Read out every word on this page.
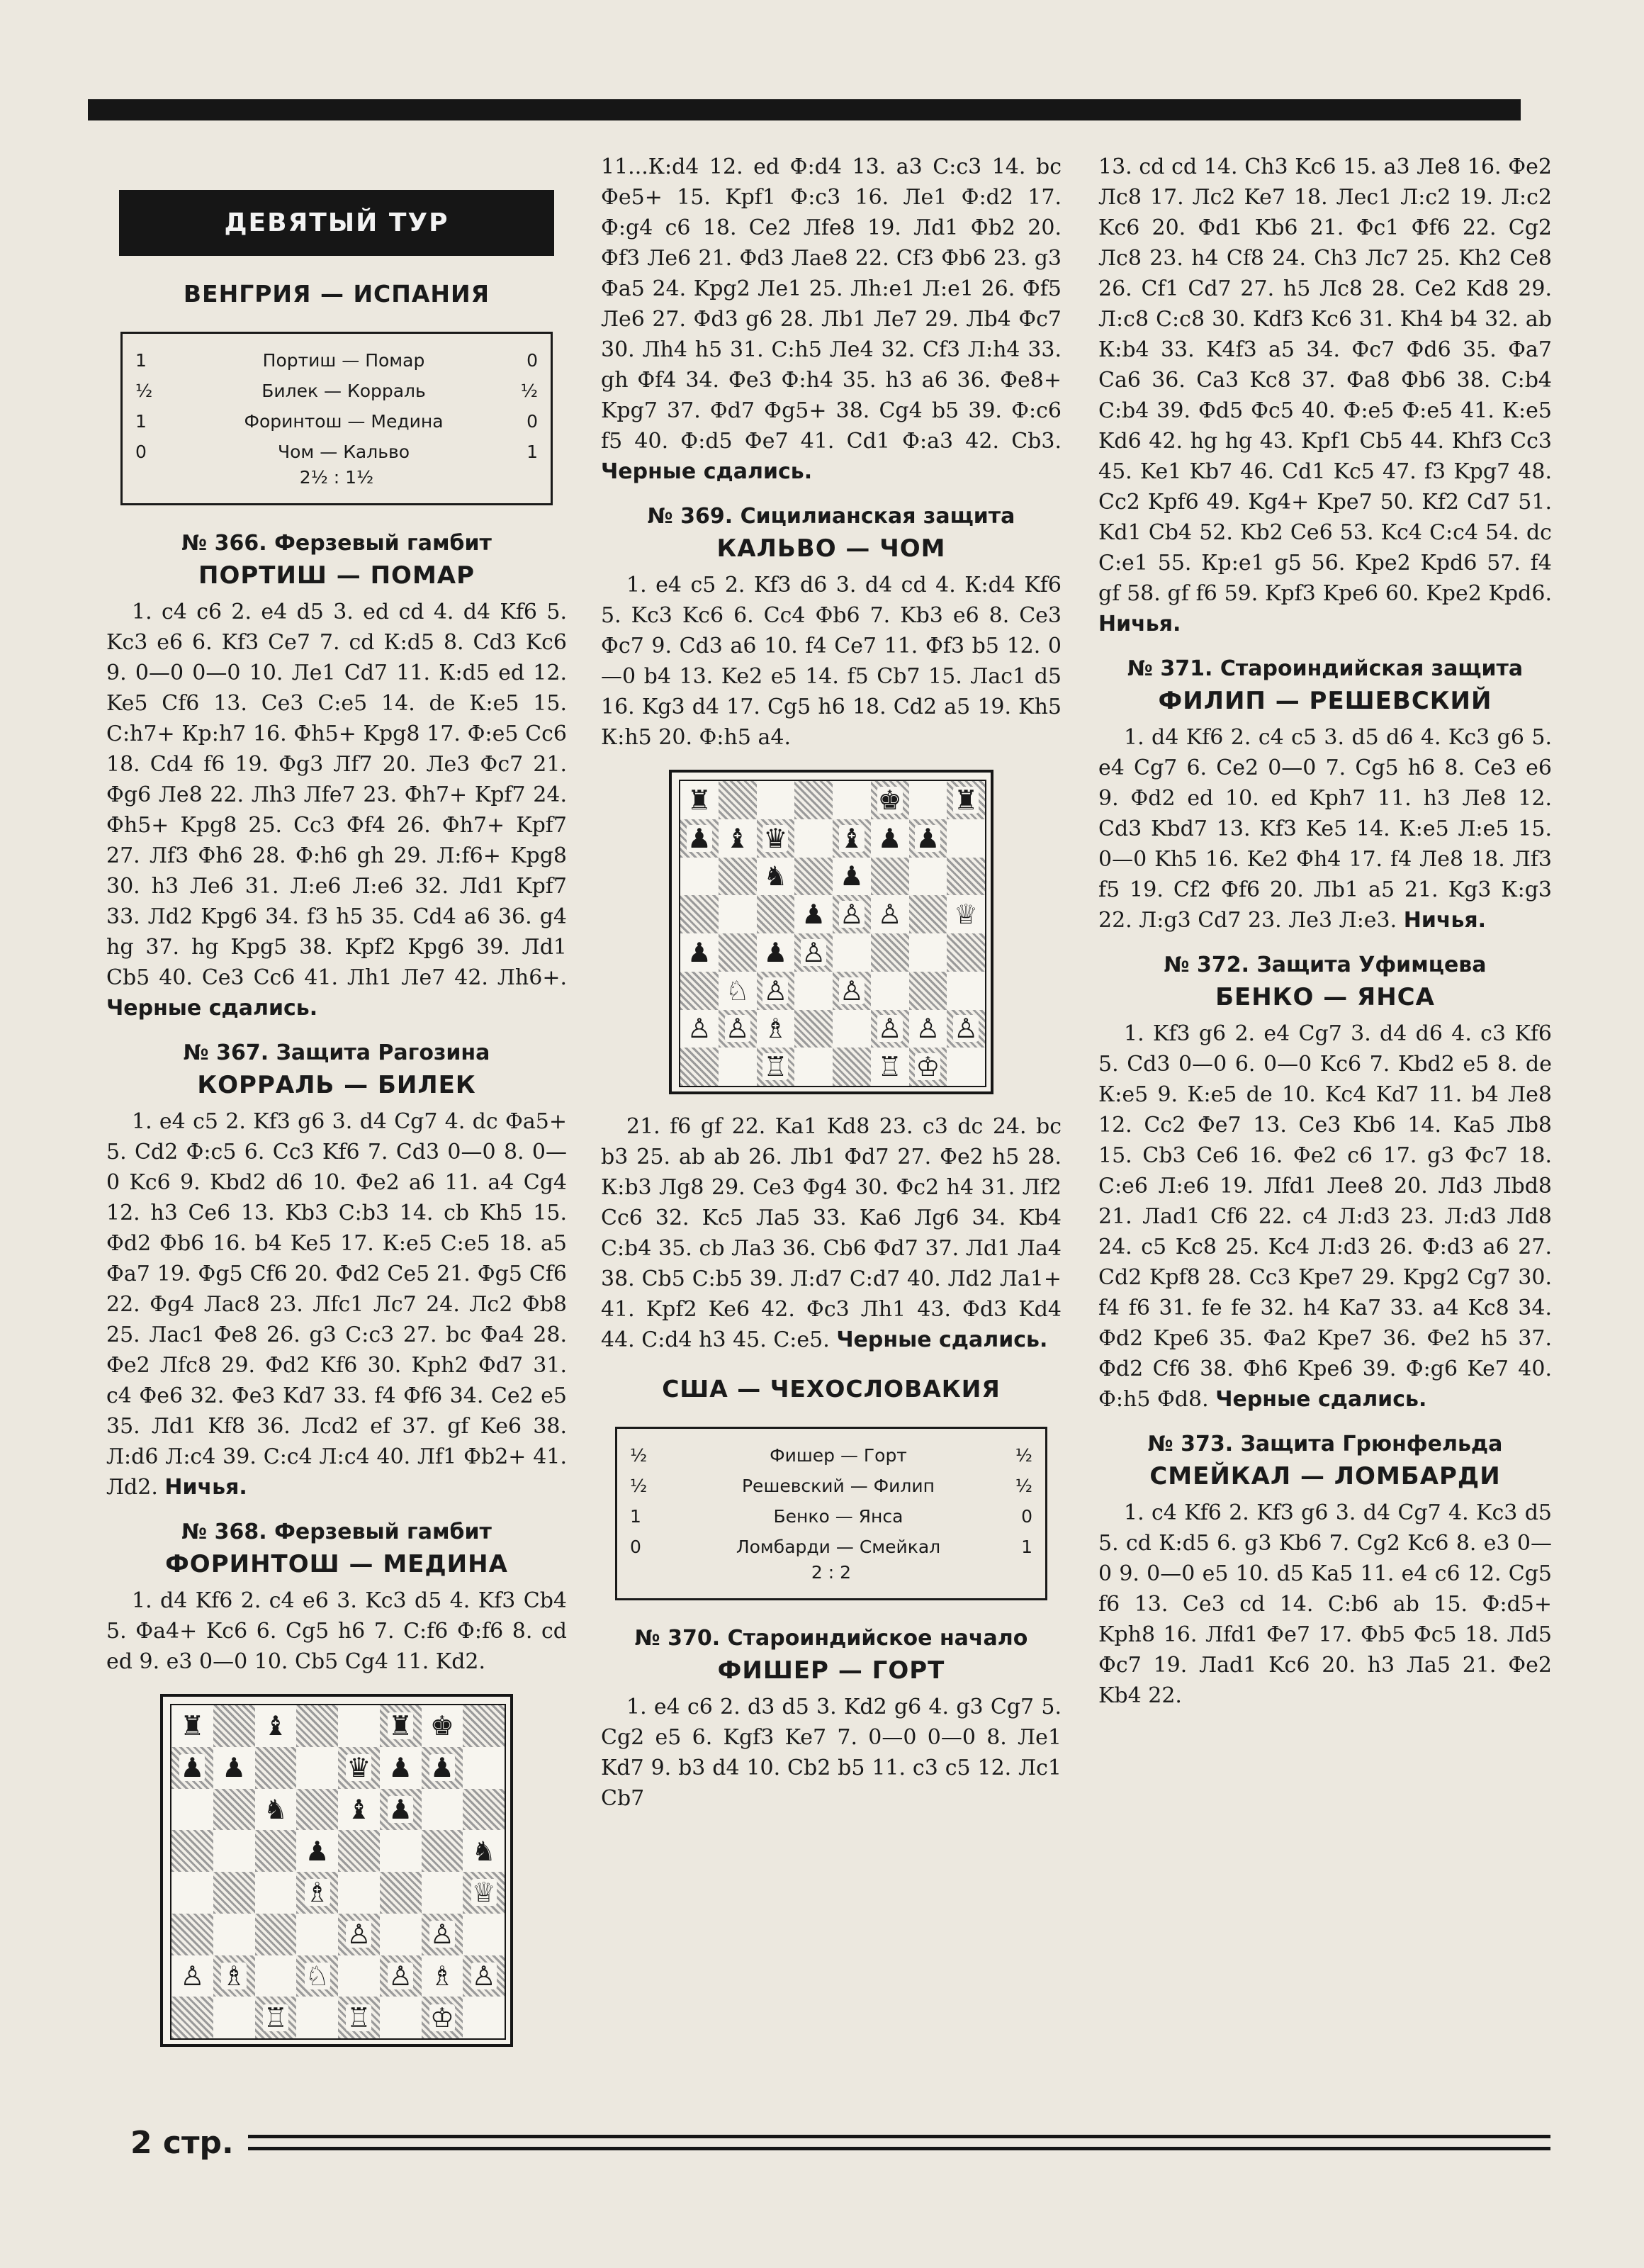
ДЕВЯТЫЙ ТУР
ВЕНГРИЯ — ИСПАНИЯ
1	Портиш — Помар	0
½	Билек — Корраль	½
1	Форинтош — Медина	0
0	Чом — Кальво	1
2½ : 1½
№ 366. Ферзевый гамбит
ПОРТИШ — ПОМАР

1. c4 c6 2. e4 d5 3. ed cd 4. d4 Kf6 5. Kc3 e6 6. Kf3 Ce7 7. cd К:d5 8. Cd3 Kc6 9. 0—0 0—0 10. Ле1 Cd7 11. К:d5 ed 12. Ke5 Cf6 13. Ce3 C:e5 14. de К:e5 15. С:h7+ Кр:h7 16. Фh5+ Kpg8 17. Ф:e5 Cc6 18. Cd4 f6 19. Фg3 Лf7 20. Лe3 Фc7 21. Фg6 Лe8 22. Лh3 Лfe7 23. Фh7+ Kpf7 24. Фh5+ Kpg8 25. Cc3 Фf4 26. Фh7+ Kpf7 27. Лf3 Фh6 28. Ф:h6 gh 29. Л:f6+ Kpg8 30. h3 Лe6 31. Л:e6 Л:e6 32. Лd1 Kpf7 33. Лd2 Kpg6 34. f3 h5 35. Cd4 a6 36. g4 hg 37. hg Kpg5 38. Kpf2 Kpg6 39. Лd1 Cb5 40. Ce3 Cc6 41. Лh1 Лe7 42. Лh6+. Черные сдались.

№ 367. Защита Рагозина
КОРРАЛЬ — БИЛЕК

1. e4 c5 2. Kf3 g6 3. d4 Cg7 4. dc Фa5+ 5. Cd2 Ф:c5 6. Cc3 Kf6 7. Cd3 0—0 8. 0—0 Kc6 9. Kbd2 d6 10. Фe2 a6 11. a4 Cg4 12. h3 Ce6 13. Kb3 С:b3 14. cb Kh5 15. Фd2 Фb6 16. b4 Ke5 17. К:e5 С:e5 18. a5 Фa7 19. Фg5 Cf6 20. Фd2 Ce5 21. Фg5 Cf6 22. Фg4 Лac8 23. Лfc1 Лc7 24. Лc2 Фb8 25. Лac1 Фe8 26. g3 С:c3 27. bc Фa4 28. Фe2 Лfc8 29. Фd2 Kf6 30. Kph2 Фd7 31. c4 Фe6 32. Фe3 Kd7 33. f4 Фf6 34. Ce2 e5 35. Лd1 Kf8 36. Лcd2 ef 37. gf Ke6 38. Л:d6 Л:c4 39. С:c4 Л:c4 40. Лf1 Фb2+ 41. Лd2. Ничья.

№ 368. Ферзевый гамбит
ФОРИНТОШ — МЕДИНА

1. d4 Kf6 2. c4 e6 3. Kc3 d5 4. Kf3 Cb4 5. Фa4+ Kc6 6. Cg5 h6 7. С:f6 Ф:f6 8. cd ed 9. e3 0—0 10. Cb5 Cg4 11. Kd2.

♜ ♝	♜ ♚
♟ ♟	♛ ♟ ♟
♞ ♝ ♟
♟	♞
♗	♕
♙ ♙
♙ ♗ ♘ ♙ ♗ ♙
♖ ♖ ♔

11...К:d4 12. ed Ф:d4 13. a3 С:c3 14. bc Фe5+ 15. Kpf1 Ф:c3 16. Лe1 Ф:d2 17. Ф:g4 c6 18. Ce2 Лfe8 19. Лd1 Фb2 20. Фf3 Лe6 21. Фd3 Лae8 22. Cf3 Фb6 23. g3 Фa5 24. Kpg2 Лe1 25. Лh:e1 Л:e1 26. Фf5 Лe6 27. Фd3 g6 28. Лb1 Лe7 29. Лb4 Фc7 30. Лh4 h5 31. С:h5 Лe4 32. Cf3 Л:h4 33. gh Фf4 34. Фe3 Ф:h4 35. h3 a6 36. Фe8+ Kpg7 37. Фd7 Фg5+ 38. Cg4 b5 39. Ф:c6 f5 40. Ф:d5 Фe7 41. Cd1 Ф:a3 42. Cb3. Черные сдались.

№ 369. Сицилианская защита
КАЛЬВО — ЧОМ

1. e4 c5 2. Kf3 d6 3. d4 cd 4. К:d4 Kf6 5. Kc3 Kc6 6. Cc4 Фb6 7. Kb3 e6 8. Ce3 Фc7 9. Cd3 a6 10. f4 Ce7 11. Фf3 b5 12. 0—0 b4 13. Ke2 e5 14. f5 Cb7 15. Лac1 d5 16. Kg3 d4 17. Cg5 h6 18. Cd2 a5 19. Kh5 К:h5 20. Ф:h5 a4.

♜	♚ ♜
♟ ♝ ♛ ♝ ♟ ♟
♞ ♟
♟ ♙ ♙ ♕
♟ ♟ ♙
♘ ♙ ♙
♙ ♙ ♗	♙ ♙ ♙
♖	♖ ♔

21. f6 gf 22. Ka1 Kd8 23. c3 dc 24. bc b3 25. ab ab 26. Лb1 Фd7 27. Фe2 h5 28. К:b3 Лg8 29. Ce3 Фg4 30. Фc2 h4 31. Лf2 Cc6 32. Kc5 Лa5 33. Ka6 Лg6 34. Kb4 С:b4 35. cb Лa3 36. Cb6 Фd7 37. Лd1 Лa4 38. Cb5 С:b5 39. Л:d7 С:d7 40. Лd2 Лa1+ 41. Kpf2 Ke6 42. Фc3 Лh1 43. Фd3 Kd4 44. С:d4 h3 45. С:e5. Черные сдались.

США — ЧЕХОСЛОВАКИЯ
½	Фишер — Горт	½
½	Решевский — Филип	½
1	Бенко — Янса	0
0	Ломбарди — Смейкал	1
2 : 2
№ 370. Староиндийское начало
ФИШЕР — ГОРТ

1. e4 c6 2. d3 d5 3. Kd2 g6 4. g3 Cg7 5. Cg2 e5 6. Kgf3 Ke7 7. 0—0 0—0 8. Лe1 Kd7 9. b3 d4 10. Cb2 b5 11. c3 c5 12. Лc1 Cb7

13. cd cd 14. Ch3 Kc6 15. a3 Лe8 16. Фe2 Лc8 17. Лc2 Ke7 18. Лec1 Л:c2 19. Л:c2 Kc6 20. Фd1 Kb6 21. Фc1 Фf6 22. Cg2 Лc8 23. h4 Cf8 24. Ch3 Лc7 25. Kh2 Ce8 26. Cf1 Cd7 27. h5 Лc8 28. Ce2 Kd8 29. Л:c8 С:c8 30. Kdf3 Kc6 31. Kh4 b4 32. ab К:b4 33. K4f3 a5 34. Фc7 Фd6 35. Фa7 Ca6 36. Ca3 Kc8 37. Фa8 Фb6 38. С:b4 С:b4 39. Фd5 Фc5 40. Ф:e5 Ф:e5 41. К:e5 Kd6 42. hg hg 43. Kpf1 Cb5 44. Khf3 Cc3 45. Ke1 Kb7 46. Cd1 Kc5 47. f3 Kpg7 48. Cc2 Kpf6 49. Kg4+ Kpe7 50. Kf2 Cd7 51. Kd1 Cb4 52. Kb2 Ce6 53. Kc4 С:c4 54. dc С:e1 55. Кр:e1 g5 56. Kpe2 Kpd6 57. f4 gf 58. gf f6 59. Kpf3 Kpe6 60. Kpe2 Kpd6. Ничья.

№ 371. Староиндийская защита
ФИЛИП — РЕШЕВСКИЙ

1. d4 Kf6 2. c4 c5 3. d5 d6 4. Kc3 g6 5. e4 Cg7 6. Ce2 0—0 7. Cg5 h6 8. Ce3 e6 9. Фd2 ed 10. ed Kph7 11. h3 Лe8 12. Cd3 Kbd7 13. Kf3 Ke5 14. К:e5 Л:e5 15. 0—0 Kh5 16. Ke2 Фh4 17. f4 Лe8 18. Лf3 f5 19. Cf2 Фf6 20. Лb1 a5 21. Kg3 К:g3 22. Л:g3 Cd7 23. Лe3 Л:e3. Ничья.

№ 372. Защита Уфимцева
БЕНКО — ЯНСА

1. Kf3 g6 2. e4 Cg7 3. d4 d6 4. c3 Kf6 5. Cd3 0—0 6. 0—0 Kc6 7. Kbd2 e5 8. de К:e5 9. К:e5 de 10. Kc4 Kd7 11. b4 Лe8 12. Cc2 Фe7 13. Ce3 Kb6 14. Ka5 Лb8 15. Cb3 Ce6 16. Фe2 c6 17. g3 Фc7 18. С:e6 Л:e6 19. Лfd1 Лee8 20. Лd3 Лbd8 21. Лad1 Cf6 22. c4 Л:d3 23. Л:d3 Лd8 24. c5 Kc8 25. Kc4 Л:d3 26. Ф:d3 a6 27. Cd2 Kpf8 28. Cc3 Kpe7 29. Kpg2 Cg7 30. f4 f6 31. fe fe 32. h4 Ka7 33. a4 Kc8 34. Фd2 Kpe6 35. Фa2 Kpe7 36. Фe2 h5 37. Фd2 Cf6 38. Фh6 Kpe6 39. Ф:g6 Ke7 40. Ф:h5 Фd8. Черные сдались.

№ 373. Защита Грюнфельда
СМЕЙКАЛ — ЛОМБАРДИ

1. c4 Kf6 2. Kf3 g6 3. d4 Cg7 4. Kc3 d5 5. cd К:d5 6. g3 Kb6 7. Cg2 Kc6 8. e3 0—0 9. 0—0 e5 10. d5 Ka5 11. e4 c6 12. Cg5 f6 13. Ce3 cd 14. С:b6 ab 15. Ф:d5+ Kph8 16. Лfd1 Фe7 17. Фb5 Фc5 18. Лd5 Фc7 19. Лad1 Kc6 20. h3 Лa5 21. Фe2 Kb4 22.

2 стр.
